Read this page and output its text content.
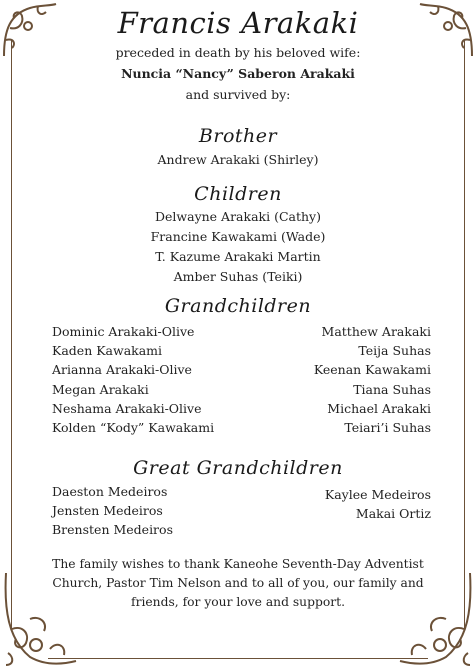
Francis Arakaki

preceded in death by his beloved wife:

Nuncia “Nancy” Saberon Arakaki

and survived by:

Brother

Andrew Arakaki (Shirley)

Children

Delwayne Arakaki (Cathy)

Francine Kawakami (Wade)

T. Kazume Arakaki Martin

Amber Suhas (Teiki)

Grandchildren
Dominic Arakaki-Olive
Kaden Kawakami
Arianna Arakaki-Olive
Megan Arakaki
Neshama Arakaki-Olive
Kolden “Kody” Kawakami
Matthew Arakaki
Teija Suhas
Keenan Kawakami
Tiana Suhas
Michael Arakaki
Teiari’i Suhas
Great Grandchildren
Daeston Medeiros
Jensten Medeiros
Brensten Medeiros
Kaylee Medeiros
Makai Ortiz

The family wishes to thank Kaneohe Seventh-Day Adventist Church, Pastor Tim Nelson and to all of you, our family and friends, for your love and support.
